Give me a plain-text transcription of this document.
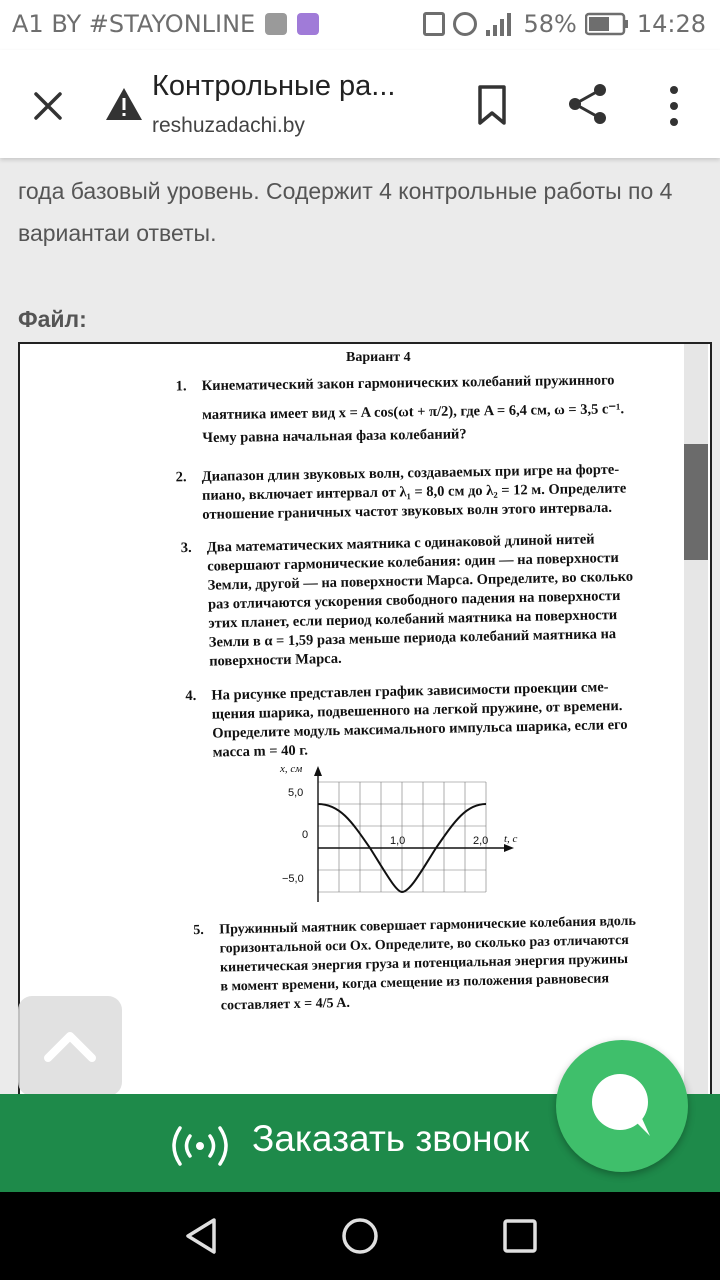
A1 BY #STAYONLINE	58%	14:28
Контрольные ра...
reshuzadachi.by
года базовый уровень. Содержит 4 контрольные работы по 4 вариантаи ответы.
Файл:
Вариант 4
1. Кинематический закон гармонических колебаний пружинного
маятника имеет вид x = A cos(ωt + π/2), где A = 6,4 см, ω = 3,5 c⁻¹.
Чему равна начальная фаза колебаний?
2. Диапазон длин звуковых волн, создаваемых при игре на форте-
пиано, включает интервал от λ₁ = 8,0 см до λ₂ = 12 м. Определите
отношение граничных частот звуковых волн этого интервала.
3. Два математических маятника с одинаковой длиной нитей
совершают гармонические колебания: один — на поверхности
Земли, другой — на поверхности Марса. Определите, во сколько
раз отличаются ускорения свободного падения на поверхности
этих планет, если период колебаний маятника на поверхности
Земли в α = 1,59 раза меньше периода колебаний маятника на
поверхности Марса.
4. На рисунке представлен график зависимости проекции сме-
щения шарика, подвешенного на легкой пружине, от времени.
Определите модуль максимального импульса шарика, если его
масса m = 40 г.
x, см
t, с
5,0
0
−5,0
1,0	2,0
5. Пружинный маятник совершает гармонические колебания вдоль
горизонтальной оси Ox. Определите, во сколько раз отличаются
кинетическая энергия груза и потенциальная энергия пружины
в момент времени, когда смещение из положения равновесия
составляет x = 4/5 A.
Заказать звонок
